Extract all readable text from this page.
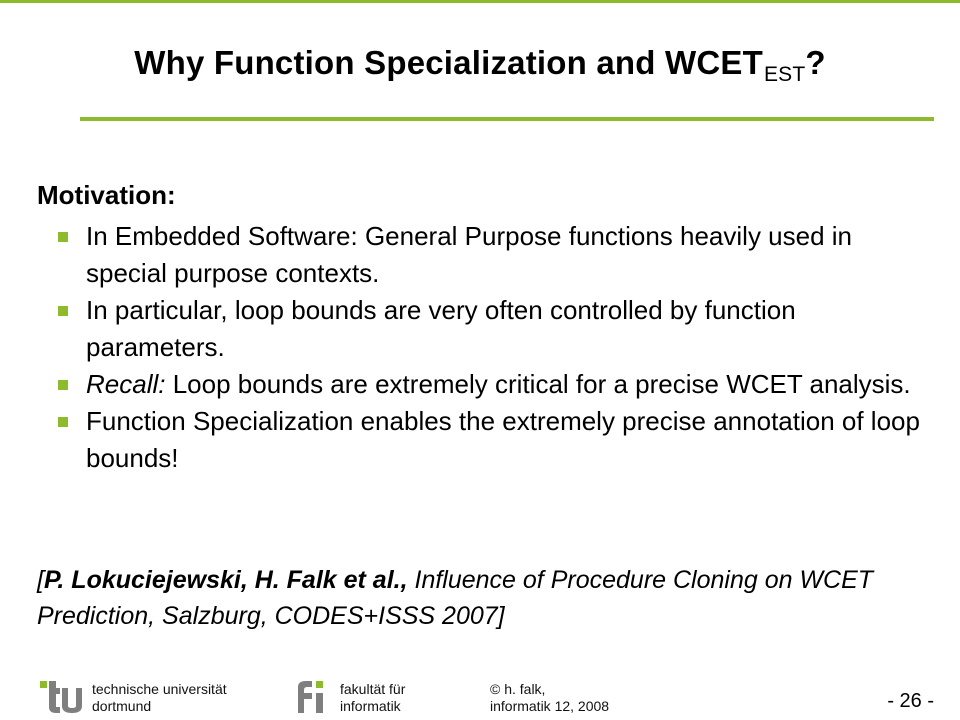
Why Function Specialization and $WCET_{EST}$?
Motivation:
In Embedded Software: General Purpose functions heavily used in special purpose contexts.
In particular, loop bounds are very often controlled by function parameters.
Recall: Loop bounds are extremely critical for a precise WCET analysis.
Function Specialization enables the extremely precise annotation of loop bounds!
[P. Lokuciejewski, H. Falk et al., Influence of Procedure Cloning on WCET Prediction, Salzburg, CODES+ISSS 2007]
technische universität
dortmund
fakultät für
informatik
© h. falk,
informatik 12, 2008	- 26 -
